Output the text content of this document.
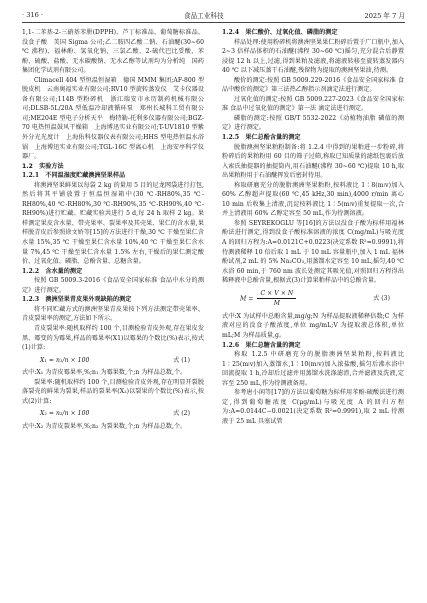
· 316 ·	食品工业科技	2025 年 7 月

1,1-二苯基-2-三硝基苯肼(DPPH)、芦丁标准品、葡萄糖标准品、没食子酸　美国 Sigma 公司;乙二胺四乙酸二钠、石油醚(30~60 ℃ 沸程)、福林酚、氢氧化钠、三氯乙酸、2-硫代巴比妥酸、苯酚、硫酸、盐酸、无水碳酸钠、无水乙醇等试剂均为分析纯　国药集团化学试剂有限公司。

Climacell 404 型恒温恒湿箱　德国 MMM 集团;AF-800 型脱皮机　云南奥福实业有限公司;RV10 型旋转蒸发仪　艾卡仪器设备有限公司;114B 型粉碎机　浙江瑞安市永历制药机械有限公司;DLSB-5L/20A 型低温冷却液循环泵　郑州长城科工贸有限公司;ME204E 型电子分析天平　梅特勒-托利多仪器有限公司;BGZ-70 电热恒温鼓风干燥箱　上海博迅实业有限公司;T-UV1810 型紫外分光光度计　上海佑科仪器仪表有限公司;HHS 型电热恒温水浴锅　上海博迅实业有限公司;TGL-16C 型离心机　上海安亭科学仪器厂。

1.2　实验方法

1.2.1　不同温湿度贮藏澳洲坚果样品

将澳洲坚果鲜果以每袋 2 kg 的量用 5 目的尼龙网袋进行打包,然后将其平铺放置于恒温恒湿箱中(30 ℃-RH80%,35 ℃-RH80%,40 ℃-RH80%,30 ℃-RH90%,35 ℃-RH90%,40 ℃-RH90%)进行贮藏。贮藏实验共进行 5 d,每 24 h 取样 2 kg。果样测定果皮含水量、带壳果率、裂果率及其壳果、果仁的含水量,果样脱青皮后参照徐文娇等[15]的方法进行干燥,30 ℃ 干燥至果仁含水量 15%,35 ℃ 干燥至果仁含水量 10%,40 ℃ 干燥至果仁含水量 7%,45 ℃ 干燥至果仁含水量 1.5% 左右,干燥后的果仁测定酸价、过氧化值、磷脂、总酚含量、总糖含量。

1.2.2　含水量的测定

按照 GB 5009.3-2016《食品安全国家标准 食品中水分的测定》进行测定。

1.2.3　澳洲坚果青皮果外观缺陷的测定

将不同贮藏方式的澳洲坚果青皮果按下列方法测定带壳果率、青皮裂果率的测定,方法如下所示。

青皮裂果率:随机取样约 100 个,目测检验青皮外观,存在果皮发黑、霉变的为霉果,样品的霉果率(X1)以霉果的个数比(%)表示,按式(1)计算:

X₁ = n₁/n × 100	式 (1)

式中:X₁ 为青皮霉果率,%;n₁ 为霉果数,个;n 为样品总数,个。

裂果率:随机取样约 100 个,目测检验青皮外观,存在明显开裂脱落裂壳的鲜果为裂果,样品的裂果率(X₂)以裂果的个数比(%)表示,按式(2)计算:

X₂ = n₂/n × 100	式 (2)

式中:X₂ 为青皮裂果率,%;n₂ 为裂果数,个;n 为样品总数,个。

1.2.4　果仁酸价、过氧化值、磷脂的测定

样品处理:使用粉碎机将澳洲坚果果仁粉碎后置于广口瓶中,加入 2~3 倍样品体积的石油醚(沸程 30~60 ℃)摇匀,充分混合后静置浸提 12 h 以上,过滤,得到果粕及滤液,将滤液转移至旋转蒸发器内 40 ℃ 以下减压蒸干石油醚,残留物为提取的澳洲坚果油,待测。

酸价的测定:按照 GB 5009.229-2016《食品安全国家标准 食品中酸价的测定》第三法热乙醇指示剂滴定法进行测定。

过氧化值的测定:按照 GB 5009.227-2023《食品安全国家标准 食品中过氧化值的测定》第一法 滴定法进行测定。

磷脂的测定:按照 GB/T 5532-2022《动植物油脂 磷值的测定》进行测定。

1.2.5　果仁总酚含量的测定

脱脂澳洲坚果粕粉制备:将 1.2.4 中得到的果粕进一步粉碎,将粉碎后的果粕粉用 60 目的筛子过筛,称取已知质量的滤纸包裹后放入索氏抽提器的抽提筒内,用石油醚(沸程 30~60 ℃)提取 10 h,取出果粕粉用于石油醚挥发后密封待用。

称取研磨充分的脱脂澳洲坚果粕粉,按料液比 1∶8(m∶v)加入 60% 乙醇超声提取(60 ℃,45 kHz,30 min),4000 r/min 离心 10 min 后收集上清液,沉淀按料液比 1∶5(m∶v)重复提取一次,合并上清液用 60% 乙醇定容至 50 mL,作为待测溶液。

参照 SEYREKOGLU 等[16]的方法以没食子酸为标样用福林酚法进行测定,得到没食子酸标准溶液的浓度 C(mg/mL)与吸光度 A 的回归方程为:A=0.0121C+0.0223(决定系数 R²=0.9991),将待测液稀释 10 倍后取 1 mL 于 10 mL 容量瓶中,加入 1 mL 福林酚试剂,2 mL 的 5% Na₂CO₃,用蒸馏水定容至 10 mL,摇匀,40 ℃ 水浴 60 min,于 760 nm 波长处测定其吸光值,对照回归方程得出稀释液中总酚含量,根据式(3)计算果粕样品中的总酚含量。

$M = \frac{C \times V \times N}{M}$	式 (3)

式中:X 为试样中总酚含量,mg/g;N 为样品提取液稀释倍数;C 为样液对应的没食子酸浓度,单位 mg/mL;V 为提取液总体积,单位 mL;M 为样品质量,g。

1.2.6　果仁总糖含量的测定

称取 1.2.5 中研磨充分的脱脂澳洲坚果粕粉,按料液比 1∶25(m∶v)加入蒸馏水,1∶10(m∶v)加入浓盐酸,摇匀后沸水浴中回流提取 1 h,冷却后过滤并用蒸馏水洗涤滤渣,合并滤液及洗液,定容至 250 mL,作为待测液备用。

参考唐小闲等[17]的方法以葡萄糖为标样用苯酚-硫酸法进行测定,得到葡萄糖浓度 C(μg/mL)与吸光度 A 的回归方程为:A=0.0144C−0.0021(决定系数 R²=0.9991),取 2 mL 待测液于 25 mL 具塞试管
